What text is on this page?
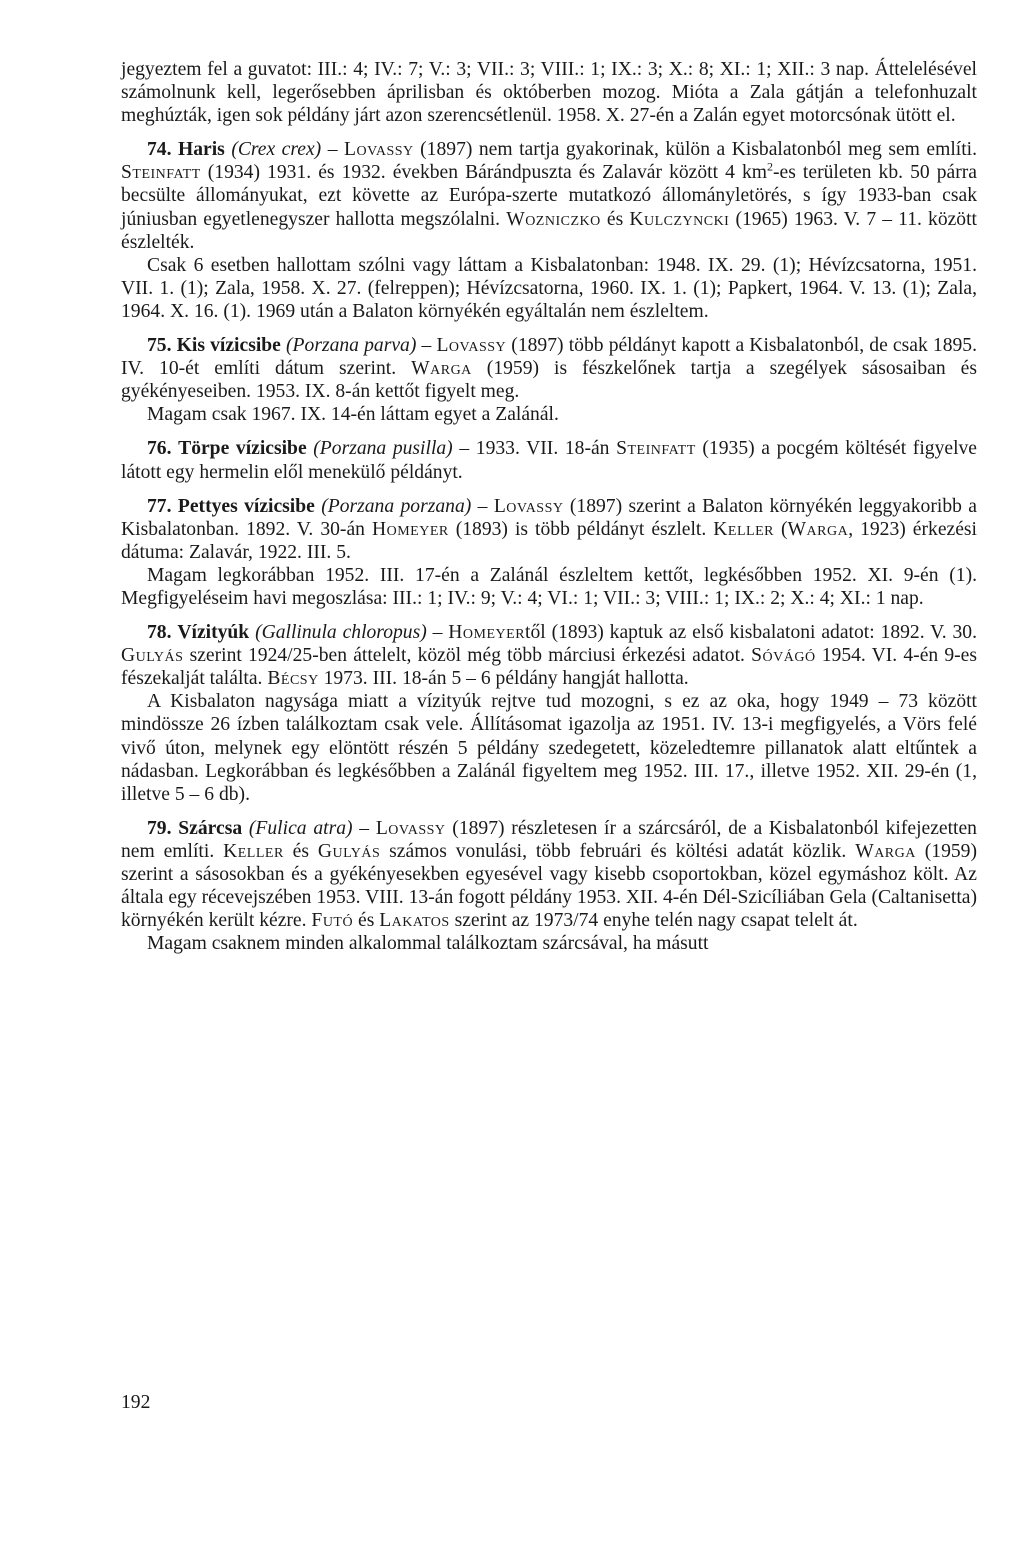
jegyeztem fel a guvatot: III.: 4; IV.: 7; V.: 3; VII.: 3; VIII.: 1; IX.: 3; X.: 8; XI.: 1; XII.: 3 nap. Áttelelésével számolnunk kell, legerősebben áprilisban és októberben mozog. Mióta a Zala gátján a telefonhuzalt meghúzták, igen sok példány járt azon szerencsétlenül. 1958. X. 27-én a Zalán egyet motorcsónak ütött el.

74. Haris (Crex crex) – Lovassy (1897) nem tartja gyakorinak, külön a Kisbalatonból meg sem említi. Steinfatt (1934) 1931. és 1932. években Bárándpuszta és Zalavár között 4 $km^2-es$ területen kb. 50 párra becsülte állományukat, ezt követte az Európa-szerte mutatkozó állományletörés, s így 1933-ban csak júniusban egyetlenegyszer hallotta megszólalni. Wozniczko és Kulczyncki (1965) 1963. V. 7 – 11. között észlelték.

Csak 6 esetben hallottam szólni vagy láttam a Kisbalatonban: 1948. IX. 29. (1); Hévízcsatorna, 1951. VII. 1. (1); Zala, 1958. X. 27. (felreppen); Hévízcsatorna, 1960. IX. 1. (1); Papkert, 1964. V. 13. (1); Zala, 1964. X. 16. (1). 1969 után a Balaton környékén egyáltalán nem észleltem.

75. Kis vízicsibe (Porzana parva) – Lovassy (1897) több példányt kapott a Kisbalatonból, de csak 1895. IV. 10-ét említi dátum szerint. Warga (1959) is fészkelőnek tartja a szegélyek sásosaiban és gyékényeseiben. 1953. IX. 8-án kettőt figyelt meg.

Magam csak 1967. IX. 14-én láttam egyet a Zalánál.

76. Törpe vízicsibe (Porzana pusilla) – 1933. VII. 18-án Steinfatt (1935) a pocgém költését figyelve látott egy hermelin elől menekülő példányt.

77. Pettyes vízicsibe (Porzana porzana) – Lovassy (1897) szerint a Balaton környékén leggyakoribb a Kisbalatonban. 1892. V. 30-án Homeyer (1893) is több példányt észlelt. Keller (Warga, 1923) érkezési dátuma: Zalavár, 1922. III. 5.

Magam legkorábban 1952. III. 17-én a Zalánál észleltem kettőt, legkésőbben 1952. XI. 9-én (1). Megfigyeléseim havi megoszlása: III.: 1; IV.: 9; V.: 4; VI.: 1; VII.: 3; VIII.: 1; IX.: 2; X.: 4; XI.: 1 nap.

78. Vízityúk (Gallinula chloropus) – Homeyertől (1893) kaptuk az első kisbalatoni adatot: 1892. V. 30. Gulyás szerint 1924/25-ben áttelelt, közöl még több márciusi érkezési adatot. Sóvágó 1954. VI. 4-én 9-es fészekalját találta. Bécsy 1973. III. 18-án 5 – 6 példány hangját hallotta.

A Kisbalaton nagysága miatt a vízityúk rejtve tud mozogni, s ez az oka, hogy 1949 – 73 között mindössze 26 ízben találkoztam csak vele. Állításomat igazolja az 1951. IV. 13-i megfigyelés, a Vörs felé vivő úton, melynek egy elöntött részén 5 példány szedegetett, közeledtemre pillanatok alatt eltűntek a nádasban. Legkorábban és legkésőbben a Zalánál figyeltem meg 1952. III. 17., illetve 1952. XII. 29-én (1, illetve 5 – 6 db).

79. Szárcsa (Fulica atra) – Lovassy (1897) részletesen ír a szárcsáról, de a Kisbalatonból kifejezetten nem említi. Keller és Gulyás számos vonulási, több februári és költési adatát közlik. Warga (1959) szerint a sásosokban és a gyékényesekben egyesével vagy kisebb csoportokban, közel egymáshoz költ. Az általa egy récevejszében 1953. VIII. 13-án fogott példány 1953. XII. 4-én Dél-Szicíliában Gela (Caltanisetta) környékén került kézre. Futó és Lakatos szerint az 1973/74 enyhe telén nagy csapat telelt át.

Magam csaknem minden alkalommal találkoztam szárcsával, ha másutt

192
